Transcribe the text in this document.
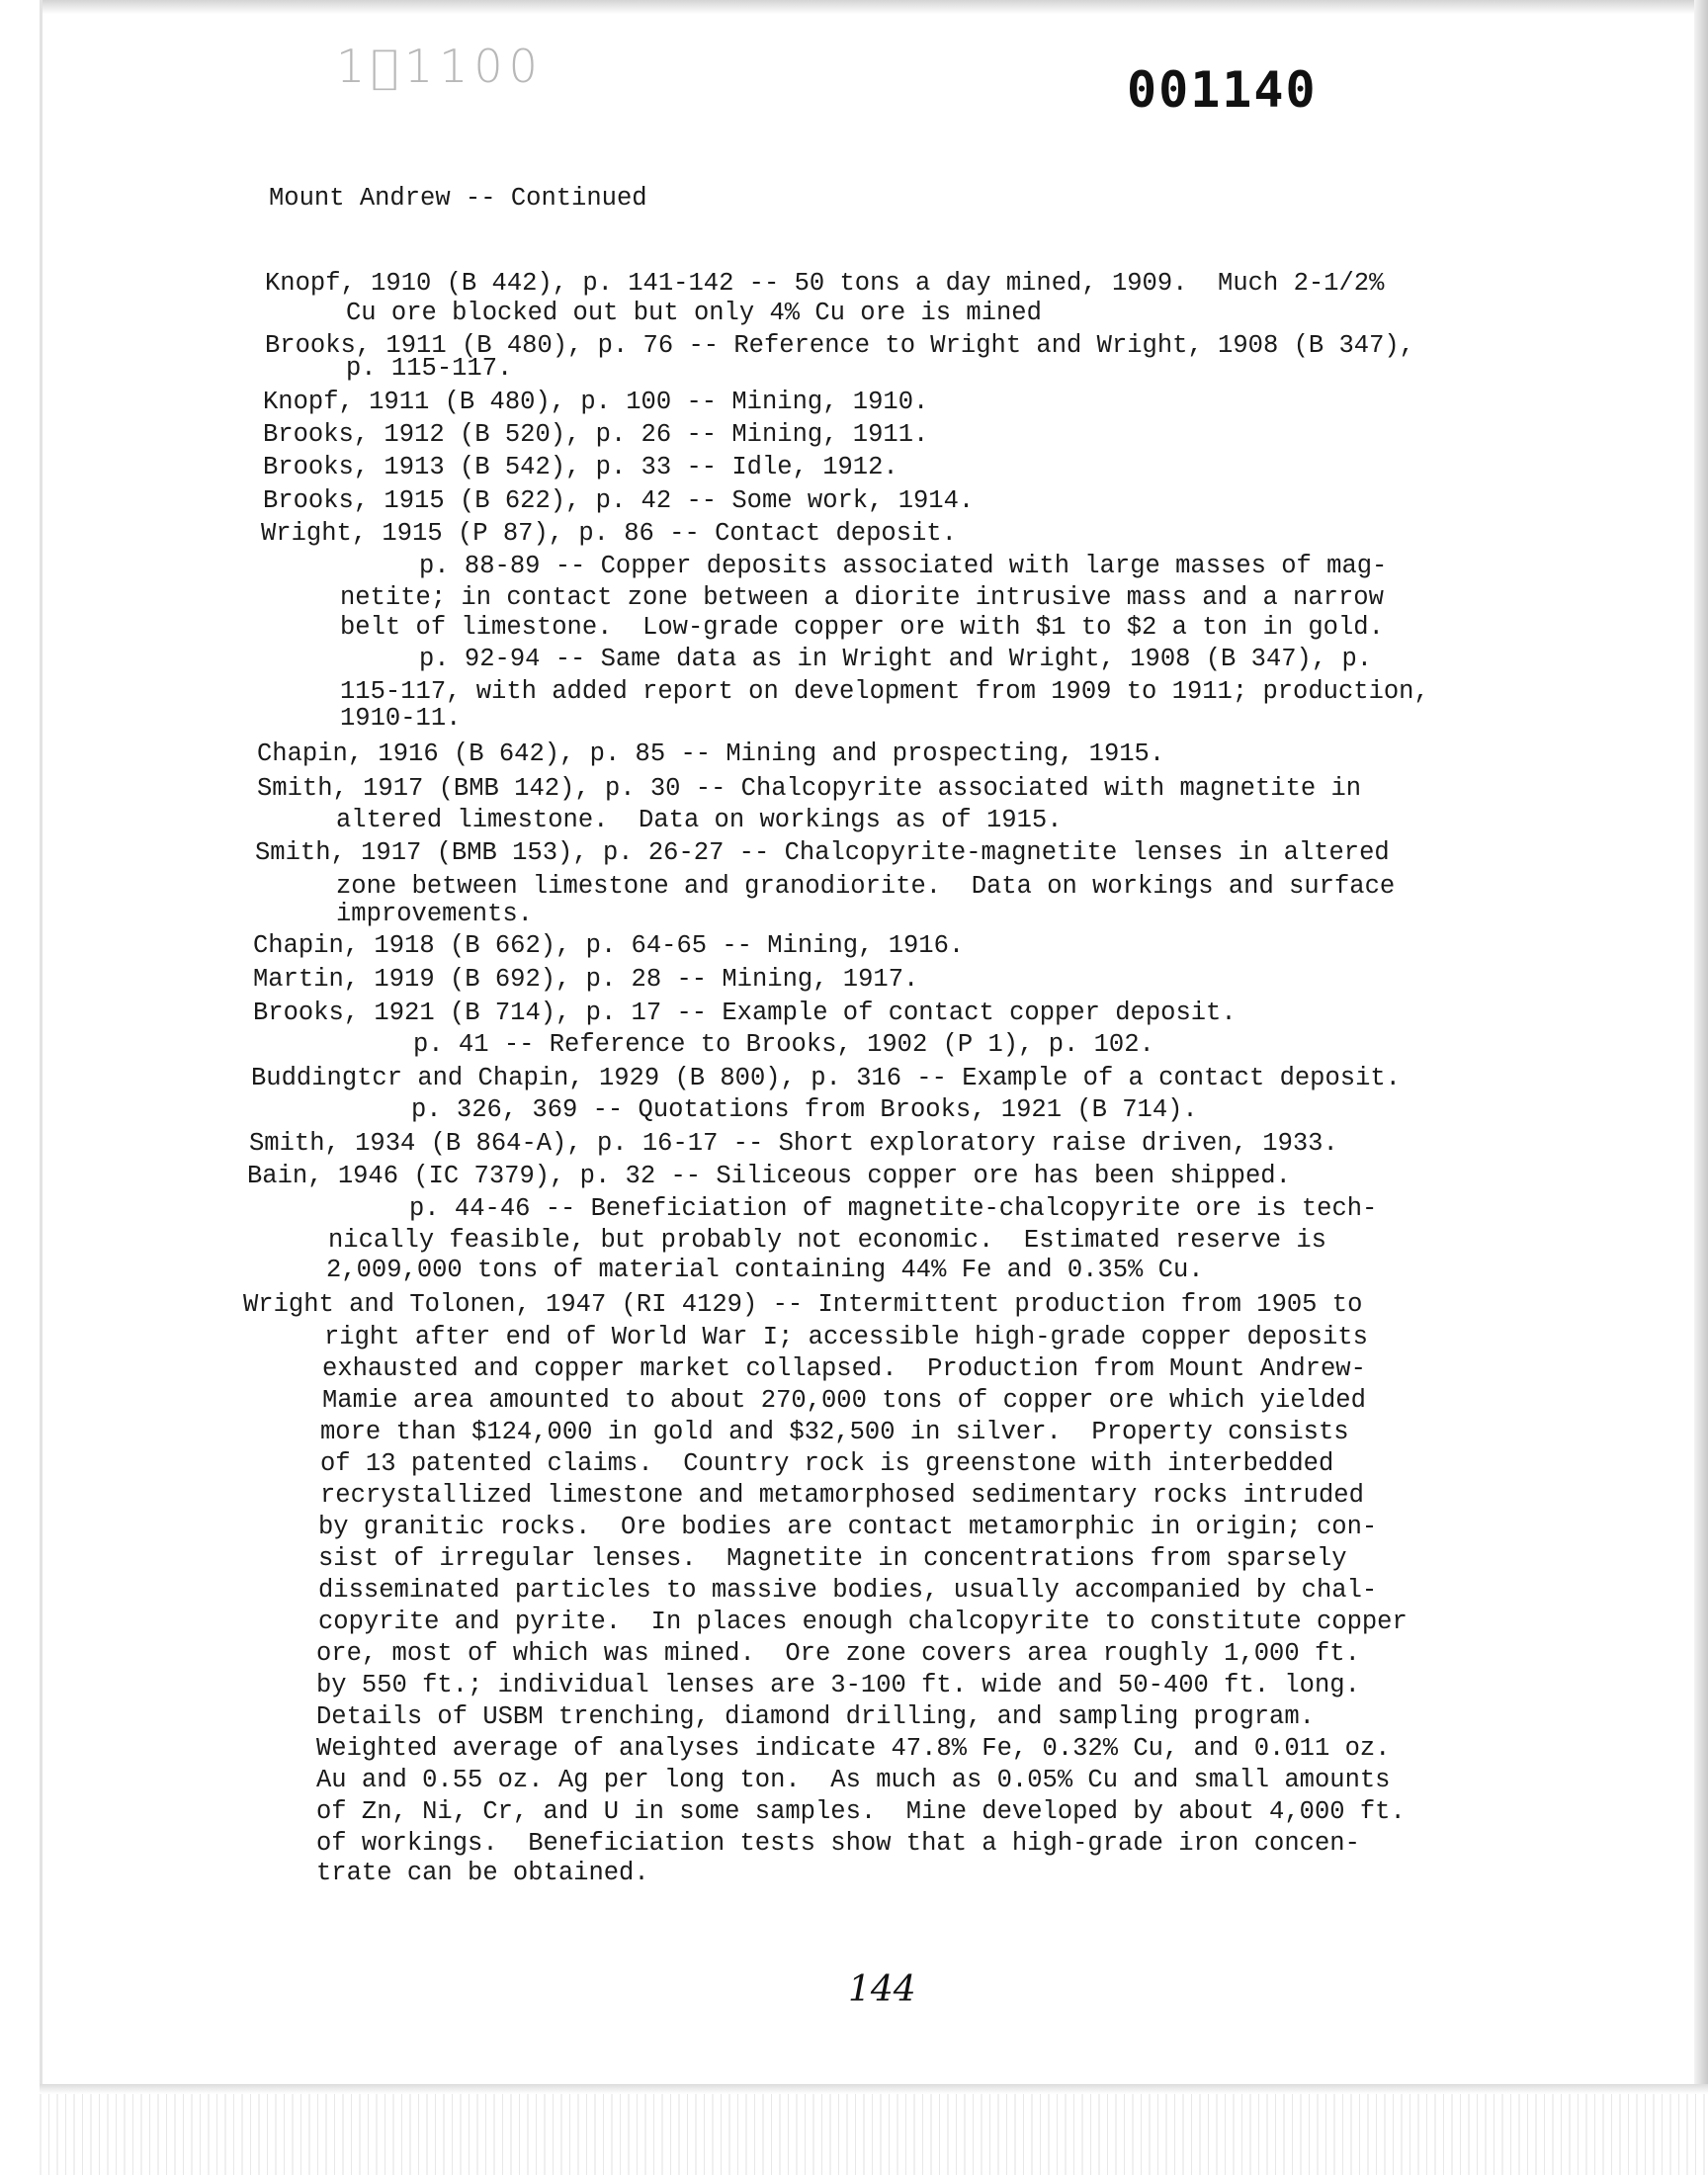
1 1100	001140
Mount Andrew -- Continued
Knopf, 1910 (B 442), p. 141-142 -- 50 tons a day mined, 1909.  Much 2-1/2%
Cu ore blocked out but only 4% Cu ore is mined
Brooks, 1911 (B 480), p. 76 -- Reference to Wright and Wright, 1908 (B 347),
p. 115-117.
Knopf, 1911 (B 480), p. 100 -- Mining, 1910.
Brooks, 1912 (B 520), p. 26 -- Mining, 1911.
Brooks, 1913 (B 542), p. 33 -- Idle, 1912.
Brooks, 1915 (B 622), p. 42 -- Some work, 1914.
Wright, 1915 (P 87), p. 86 -- Contact deposit.
p. 88-89 -- Copper deposits associated with large masses of mag-
netite; in contact zone between a diorite intrusive mass and a narrow
belt of limestone.  Low-grade copper ore with $1 to $2 a ton in gold.
p. 92-94 -- Same data as in Wright and Wright, 1908 (B 347), p.
115-117, with added report on development from 1909 to 1911; production,
1910-11.
Chapin, 1916 (B 642), p. 85 -- Mining and prospecting, 1915.
Smith, 1917 (BMB 142), p. 30 -- Chalcopyrite associated with magnetite in
altered limestone.  Data on workings as of 1915.
Smith, 1917 (BMB 153), p. 26-27 -- Chalcopyrite-magnetite lenses in altered
zone between limestone and granodiorite.  Data on workings and surface
improvements.
Chapin, 1918 (B 662), p. 64-65 -- Mining, 1916.
Martin, 1919 (B 692), p. 28 -- Mining, 1917.
Brooks, 1921 (B 714), p. 17 -- Example of contact copper deposit.
p. 41 -- Reference to Brooks, 1902 (P 1), p. 102.
Buddingtcr and Chapin, 1929 (B 800), p. 316 -- Example of a contact deposit.
p. 326, 369 -- Quotations from Brooks, 1921 (B 714).
Smith, 1934 (B 864-A), p. 16-17 -- Short exploratory raise driven, 1933.
Bain, 1946 (IC 7379), p. 32 -- Siliceous copper ore has been shipped.
p. 44-46 -- Beneficiation of magnetite-chalcopyrite ore is tech-
nically feasible, but probably not economic.  Estimated reserve is
2,009,000 tons of material containing 44% Fe and 0.35% Cu.
Wright and Tolonen, 1947 (RI 4129) -- Intermittent production from 1905 to
right after end of World War I; accessible high-grade copper deposits
exhausted and copper market collapsed.  Production from Mount Andrew-
Mamie area amounted to about 270,000 tons of copper ore which yielded
more than $124,000 in gold and $32,500 in silver.  Property consists
of 13 patented claims.  Country rock is greenstone with interbedded
recrystallized limestone and metamorphosed sedimentary rocks intruded
by granitic rocks.  Ore bodies are contact metamorphic in origin; con-
sist of irregular lenses.  Magnetite in concentrations from sparsely
disseminated particles to massive bodies, usually accompanied by chal-
copyrite and pyrite.  In places enough chalcopyrite to constitute copper
ore, most of which was mined.  Ore zone covers area roughly 1,000 ft.
by 550 ft.; individual lenses are 3-100 ft. wide and 50-400 ft. long.
Details of USBM trenching, diamond drilling, and sampling program.
Weighted average of analyses indicate 47.8% Fe, 0.32% Cu, and 0.011 oz.
Au and 0.55 oz. Ag per long ton.  As much as 0.05% Cu and small amounts
of Zn, Ni, Cr, and U in some samples.  Mine developed by about 4,000 ft.
of workings.  Beneficiation tests show that a high-grade iron concen-
trate can be obtained.
144
